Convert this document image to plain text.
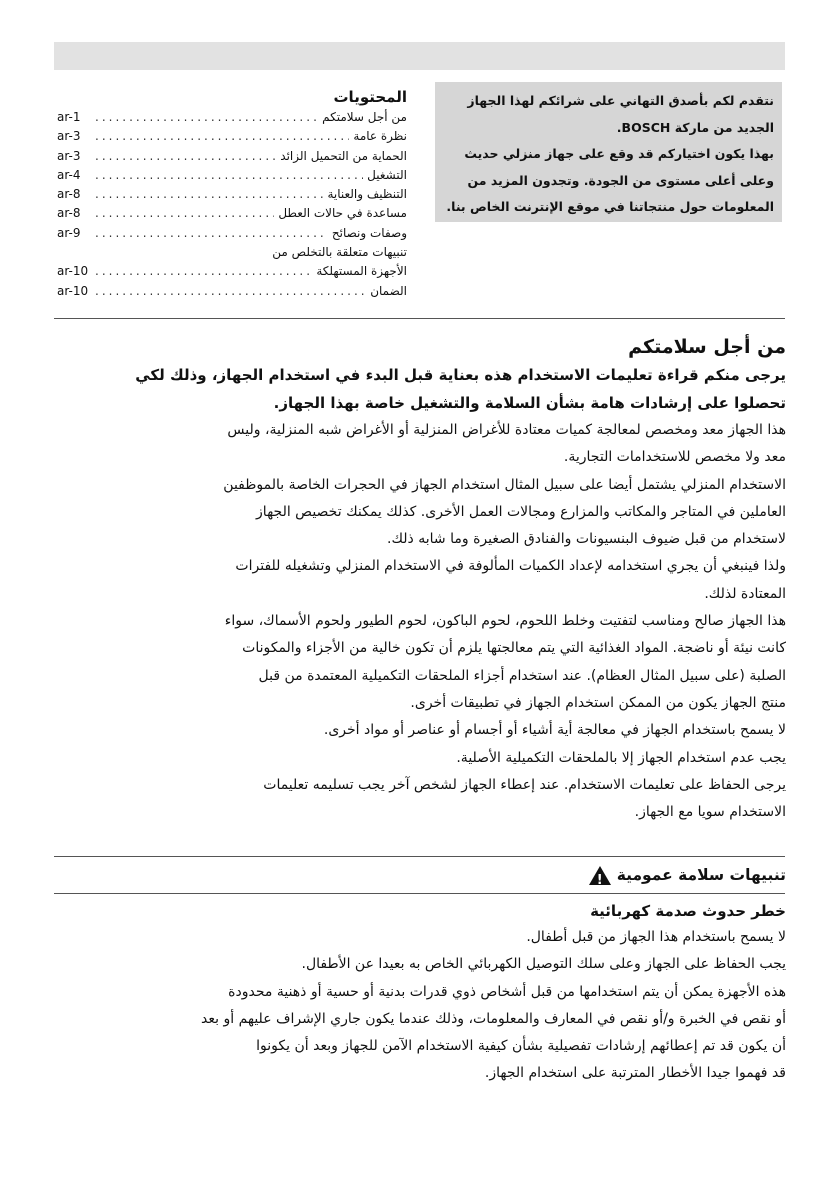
نتقدم لكم بأصدق التهاني على شرائكم لهذا الجهاز
الجديد من ماركة BOSCH.
بهذا يكون اختياركم قد وقع على جهاز منزلي حديث
وعلى أعلى مستوى من الجودة. وتجدون المزيد من
المعلومات حول منتجاتنا في موقع الإنترنت الخاص بنا.
المحتويات
من أجل سلامتكم
.....
ar-1
نظرة عامة
.....
ar-3
الحماية من التحميل الزائد
.....
ar-3
التشغيل
.....
ar-4
التنظيف والعناية
.....
ar-8
مساعدة في حالات العطل
.....
ar-8
وصفات ونصائح
.....
ar-9
تنبيهات متعلقة بالتخلص من
الأجهزة المستهلكة
.....
ar-10
الضمان
.....
ar-10
من أجل سلامتكم
يرجى منكم قراءة تعليمات الاستخدام هذه بعناية قبل البدء في استخدام الجهاز، وذلك لكي
تحصلوا على إرشادات هامة بشأن السلامة والتشغيل خاصة بهذا الجهاز.
هذا الجهاز معد ومخصص لمعالجة كميات معتادة للأغراض المنزلية أو الأغراض شبه المنزلية، وليس
معد ولا مخصص للاستخدامات التجارية.
الاستخدام المنزلي يشتمل أيضا على سبيل المثال استخدام الجهاز في الحجرات الخاصة بالموظفين
العاملين في المتاجر والمكاتب والمزارع ومجالات العمل الأخرى. كذلك يمكنك تخصيص الجهاز
لاستخدام من قبل ضيوف البنسيونات والفنادق الصغيرة وما شابه ذلك.
ولذا فينبغي أن يجري استخدامه لإعداد الكميات المألوفة في الاستخدام المنزلي وتشغيله للفترات
المعتادة لذلك.
هذا الجهاز صالح ومناسب لتفتيت وخلط اللحوم، لحوم الباكون، لحوم الطيور ولحوم الأسماك، سواء
كانت نيئة أو ناضجة. المواد الغذائية التي يتم معالجتها يلزم أن تكون خالية من الأجزاء والمكونات
الصلبة (على سبيل المثال العظام). عند استخدام أجزاء الملحقات التكميلية المعتمدة من قبل
منتج الجهاز يكون من الممكن استخدام الجهاز في تطبيقات أخرى.
لا يسمح باستخدام الجهاز في معالجة أية أشياء أو أجسام أو عناصر أو مواد أخرى.
يجب عدم استخدام الجهاز إلا بالملحقات التكميلية الأصلية.
يرجى الحفاظ على تعليمات الاستخدام. عند إعطاء الجهاز لشخص آخر يجب تسليمه تعليمات
الاستخدام سويا مع الجهاز.
تنبيهات سلامة عمومية
!
خطر حدوث صدمة كهربائية
لا يسمح باستخدام هذا الجهاز من قبل أطفال.
يجب الحفاظ على الجهاز وعلى سلك التوصيل الكهربائي الخاص به بعيدا عن الأطفال.
هذه الأجهزة يمكن أن يتم استخدامها من قبل أشخاص ذوي قدرات بدنية أو حسية أو ذهنية محدودة
أو نقص في الخبرة و/أو نقص في المعارف والمعلومات، وذلك عندما يكون جاري الإشراف عليهم أو بعد
أن يكون قد تم إعطائهم إرشادات تفصيلية بشأن كيفية الاستخدام الآمن للجهاز وبعد أن يكونوا
قد فهموا جيدا الأخطار المترتبة على استخدام الجهاز.
